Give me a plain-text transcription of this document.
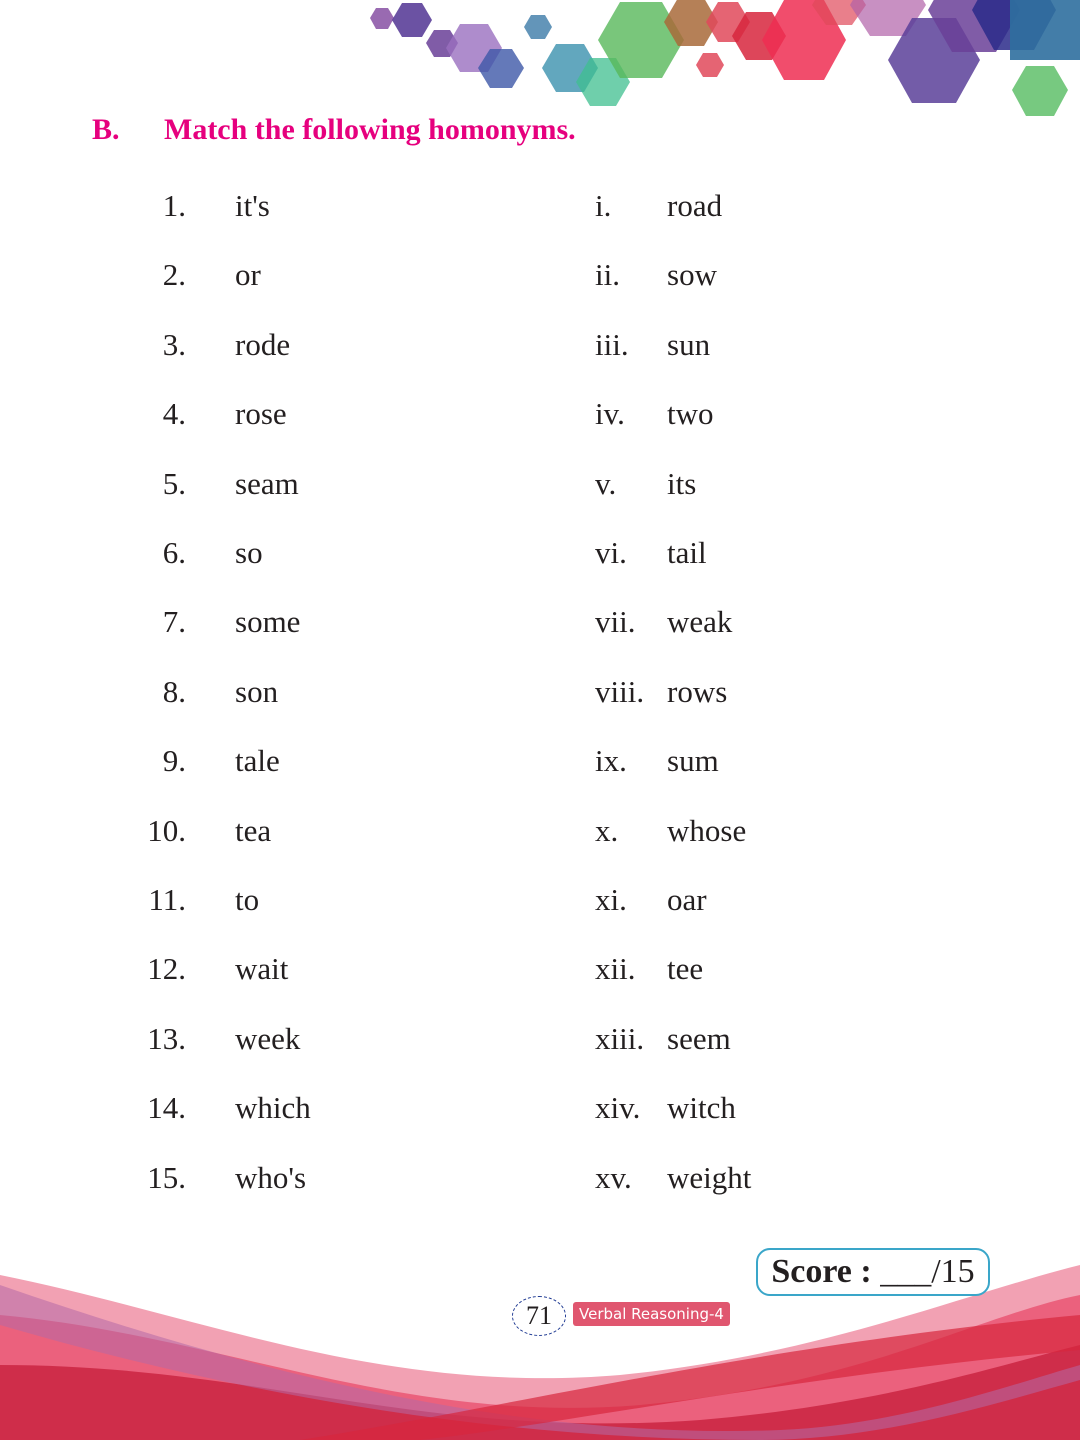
B. Match the following homonyms.
1. it's	i. road
2. or	ii. sow
3. rode	iii. sun
4. rose	iv. two
5. seam	v. its
6. so	vi. tail
7. some	vii. weak
8. son	viii. rows
9. tale	ix. sum
10. tea	x. whose
11. to	xi. oar
12. wait	xii. tee
13. week	xiii. seem
14. which	xiv. witch
15. who's	xv. weight
Score : ___/15
71	Verbal Reasoning-4
